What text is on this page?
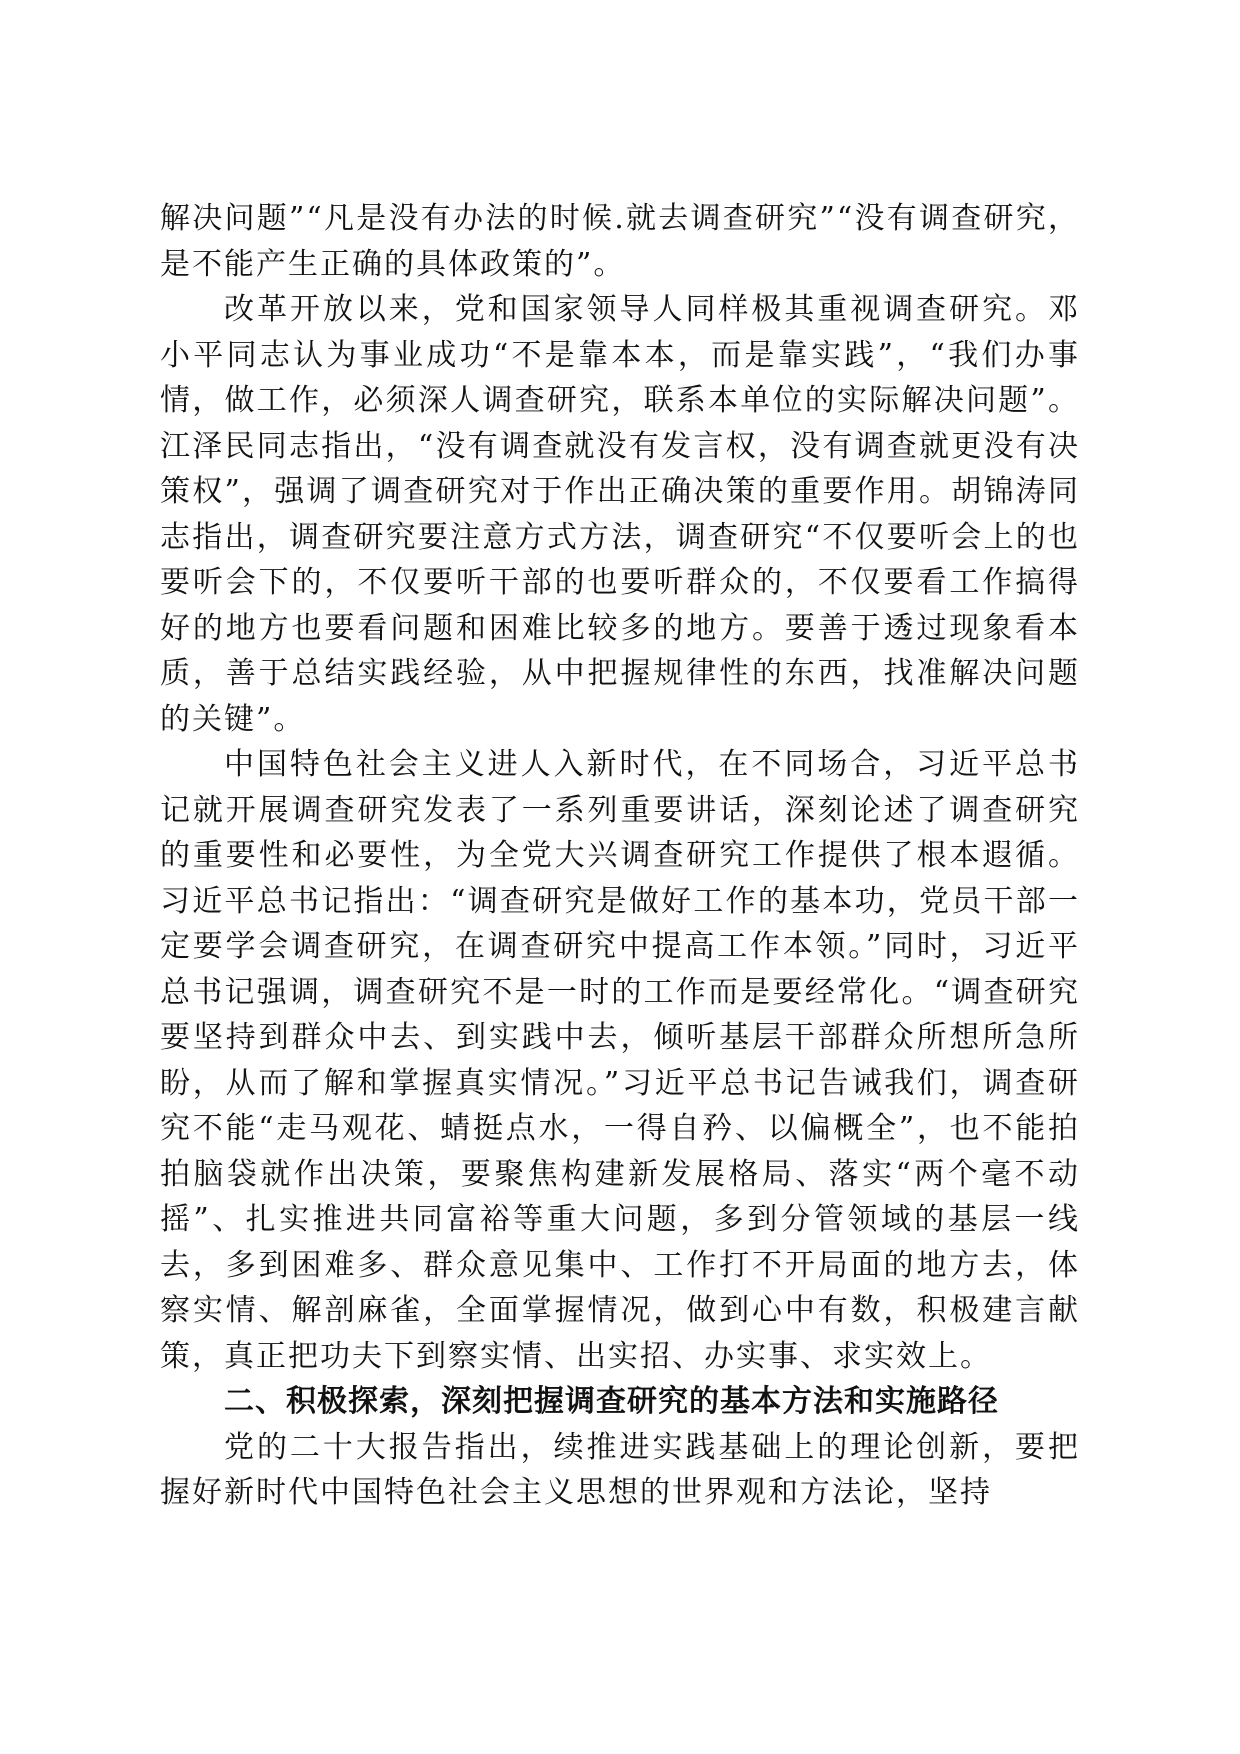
解决问题”“凡是没有办法的时候.就去调查研究”“没有调查研究，是不能产生正确的具体政策的”。

改革开放以来，党和国家领导人同样极其重视调查研究。邓小平同志认为事业成功“不是靠本本，而是靠实践”，“我们办事情，做工作，必须深人调查研究，联系本单位的实际解决问题”。江泽民同志指出，“没有调查就没有发言权，没有调查就更没有决策权”，强调了调查研究对于作出正确决策的重要作用。胡锦涛同志指出，调查研究要注意方式方法，调查研究“不仅要听会上的也要听会下的，不仅要听干部的也要听群众的，不仅要看工作搞得好的地方也要看问题和困难比较多的地方。要善于透过现象看本质，善于总结实践经验，从中把握规律性的东西，找准解决问题的关键”。

中国特色社会主义进人入新时代，在不同场合，习近平总书记就开展调查研究发表了一系列重要讲话，深刻论述了调查研究的重要性和必要性，为全党大兴调查研究工作提供了根本遐循。习近平总书记指出：“调查研究是做好工作的基本功，党员干部一定要学会调查研究，在调查研究中提高工作本领。”同时，习近平总书记强调，调查研究不是一时的工作而是要经常化。“调查研究要坚持到群众中去、到实践中去，倾听基层干部群众所想所急所盼，从而了解和掌握真实情况。”习近平总书记告诫我们，调查研究不能“走马观花、蜻挺点水，一得自矜、以偏概全”，也不能拍拍脑袋就作出决策，要聚焦构建新发展格局、落实“两个毫不动摇”、扎实推进共同富裕等重大问题，多到分管领域的基层一线去，多到困难多、群众意见集中、工作打不开局面的地方去，体察实情、解剖麻雀，全面掌握情况，做到心中有数，积极建言献策，真正把功夫下到察实情、出实招、办实事、求实效上。

二、积极探索，深刻把握调查研究的基本方法和实施路径

党的二十大报告指出，续推进实践基础上的理论创新，要把握好新时代中国特色社会主义思想的世界观和方法论，坚持
